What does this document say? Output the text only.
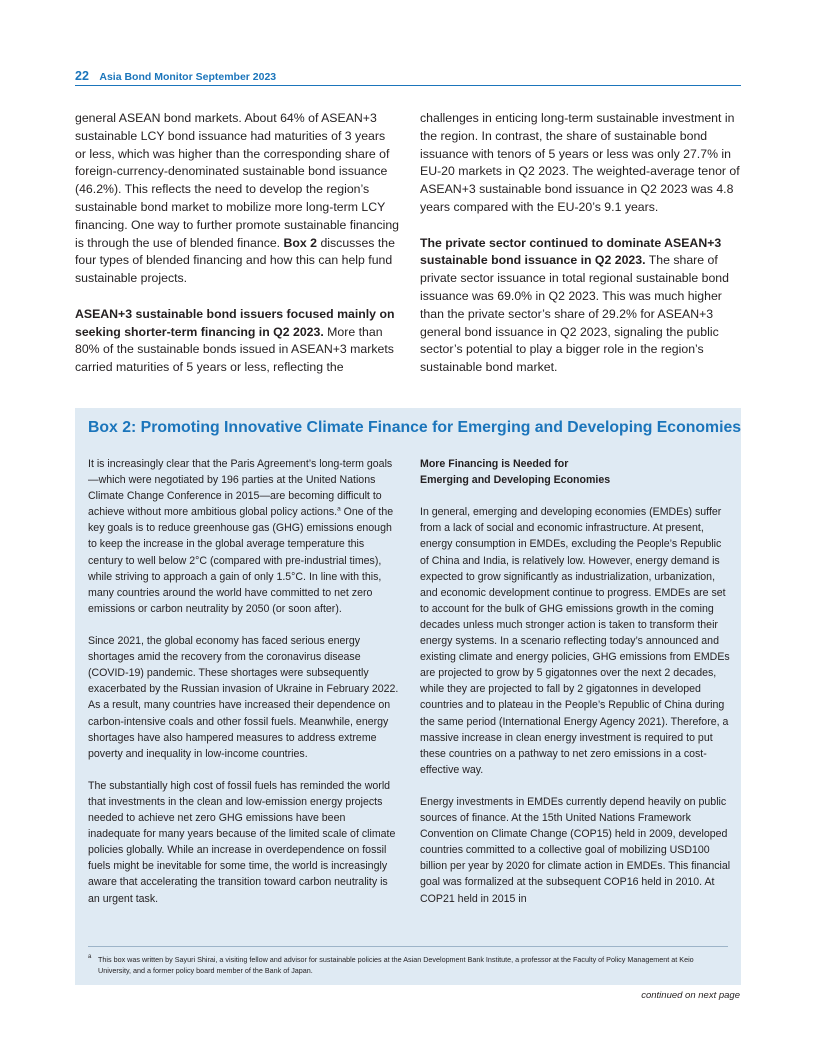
22 Asia Bond Monitor September 2023

general ASEAN bond markets. About 64% of ASEAN+3 sustainable LCY bond issuance had maturities of 3 years or less, which was higher than the corresponding share of foreign-currency-denominated sustainable bond issuance (46.2%). This reflects the need to develop the region’s sustainable bond market to mobilize more long-term LCY financing. One way to further promote sustainable financing is through the use of blended finance. Box 2 discusses the four types of blended financing and how this can help fund sustainable projects.

ASEAN+3 sustainable bond issuers focused mainly on seeking shorter-term financing in Q2 2023. More than 80% of the sustainable bonds issued in ASEAN+3 markets carried maturities of 5 years or less, reflecting the

challenges in enticing long-term sustainable investment in the region. In contrast, the share of sustainable bond issuance with tenors of 5 years or less was only 27.7% in EU-20 markets in Q2 2023. The weighted-average tenor of ASEAN+3 sustainable bond issuance in Q2 2023 was 4.8 years compared with the EU-20’s 9.1 years.

The private sector continued to dominate ASEAN+3 sustainable bond issuance in Q2 2023. The share of private sector issuance in total regional sustainable bond issuance was 69.0% in Q2 2023. This was much higher than the private sector’s share of 29.2% for ASEAN+3 general bond issuance in Q2 2023, signaling the public sector’s potential to play a bigger role in the region’s sustainable bond market.

Box 2: Promoting Innovative Climate Finance for Emerging and Developing Economies

It is increasingly clear that the Paris Agreement’s long-term goals—which were negotiated by 196 parties at the United Nations Climate Change Conference in 2015—are becoming difficult to achieve without more ambitious global policy actions.$^a$ One of the key goals is to reduce greenhouse gas (GHG) emissions enough to keep the increase in the global average temperature this century to well below 2°C (compared with pre-industrial times), while striving to approach a gain of only 1.5°C. In line with this, many countries around the world have committed to net zero emissions or carbon neutrality by 2050 (or soon after).

Since 2021, the global economy has faced serious energy shortages amid the recovery from the coronavirus disease (COVID-19) pandemic. These shortages were subsequently exacerbated by the Russian invasion of Ukraine in February 2022. As a result, many countries have increased their dependence on carbon-intensive coals and other fossil fuels. Meanwhile, energy shortages have also hampered measures to address extreme poverty and inequality in low-income countries.

The substantially high cost of fossil fuels has reminded the world that investments in the clean and low-emission energy projects needed to achieve net zero GHG emissions have been inadequate for many years because of the limited scale of climate policies globally. While an increase in overdependence on fossil fuels might be inevitable for some time, the world is increasingly aware that accelerating the transition toward carbon neutrality is an urgent task.

More Financing is Needed for
Emerging and Developing Economies

In general, emerging and developing economies (EMDEs) suffer from a lack of social and economic infrastructure. At present, energy consumption in EMDEs, excluding the People’s Republic of China and India, is relatively low. However, energy demand is expected to grow significantly as industrialization, urbanization, and economic development continue to progress. EMDEs are set to account for the bulk of GHG emissions growth in the coming decades unless much stronger action is taken to transform their energy systems. In a scenario reflecting today’s announced and existing climate and energy policies, GHG emissions from EMDEs are projected to grow by 5 gigatonnes over the next 2 decades, while they are projected to fall by 2 gigatonnes in developed countries and to plateau in the People’s Republic of China during the same period (International Energy Agency 2021). Therefore, a massive increase in clean energy investment is required to put these countries on a pathway to net zero emissions in a cost-effective way.

Energy investments in EMDEs currently depend heavily on public sources of finance. At the 15th United Nations Framework Convention on Climate Change (COP15) held in 2009, developed countries committed to a collective goal of mobilizing USD100 billion per year by 2020 for climate action in EMDEs. This financial goal was formalized at the subsequent COP16 held in 2010. At COP21 held in 2015 in

a This box was written by Sayuri Shirai, a visiting fellow and advisor for sustainable policies at the Asian Development Bank Institute, a professor at the Faculty of Policy Management at Keio University, and a former policy board member of the Bank of Japan.
continued on next page
